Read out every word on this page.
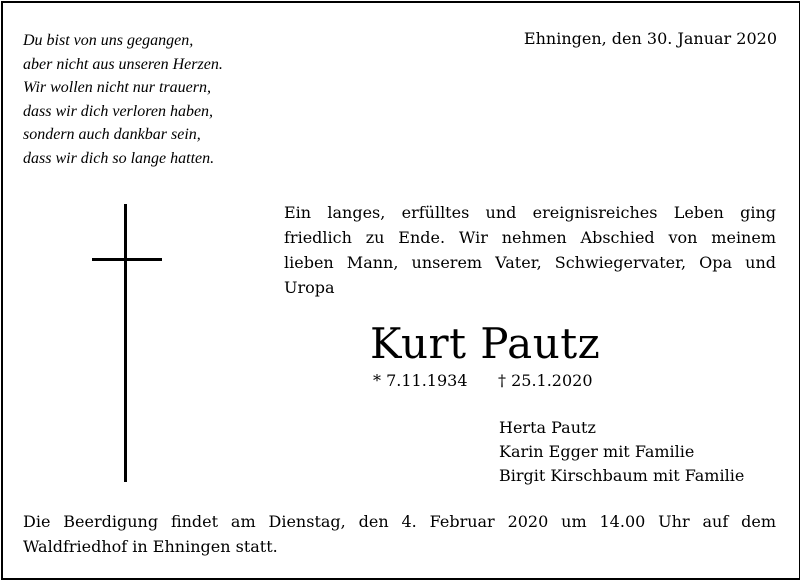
Du bist von uns gegangen,
aber nicht aus unseren Herzen.
Wir wollen nicht nur trauern,
dass wir dich verloren haben,
sondern auch dankbar sein,
dass wir dich so lange hatten.
Ehningen, den 30. Januar 2020
Ein langes, erfülltes und ereignisreiches Leben ging
friedlich zu Ende. Wir nehmen Abschied von meinem
lieben Mann, unserem Vater, Schwiegervater, Opa und
Uropa
Kurt Pautz
* 7.11.1934 † 25.1.2020
Herta Pautz
Karin Egger mit Familie
Birgit Kirschbaum mit Familie
Die Beerdigung findet am Dienstag, den 4. Februar 2020 um 14.00 Uhr auf dem
Waldfriedhof in Ehningen statt.
